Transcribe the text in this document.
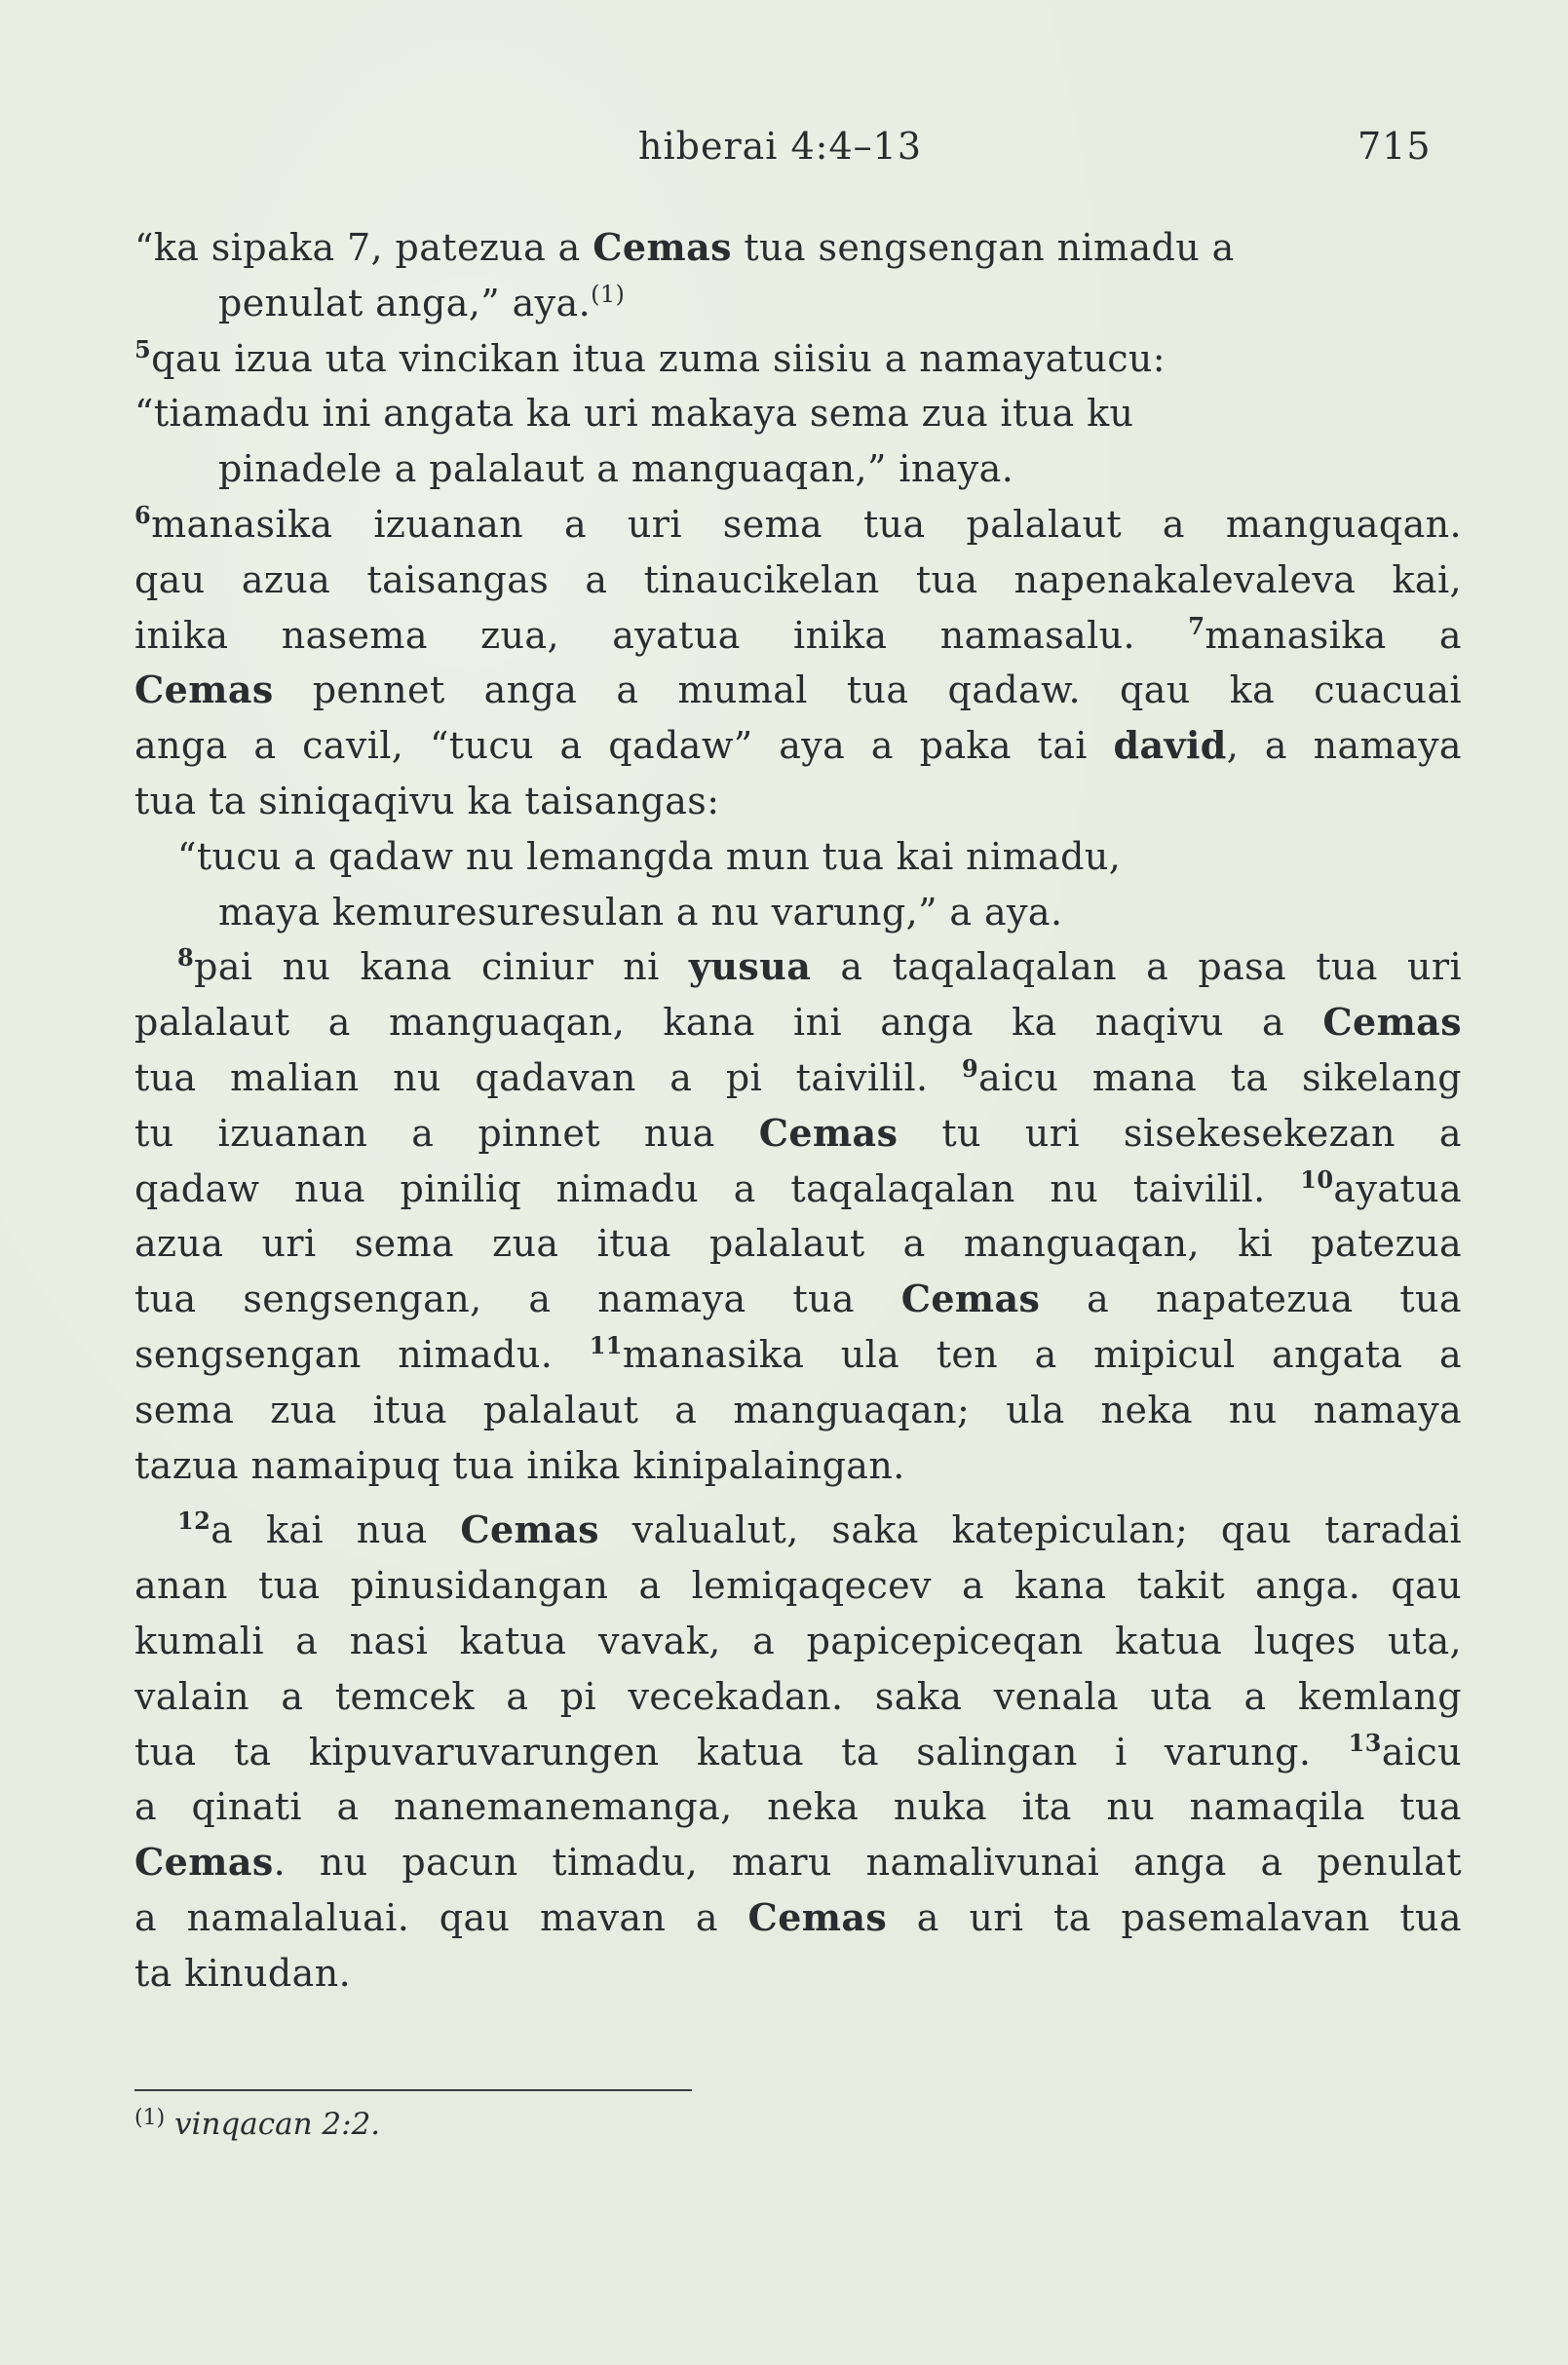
hiberai 4:4–13	715
“ka sipaka 7, patezua a Cemas tua sengsengan nimadu a
penulat anga,” aya.$^{(1)}$
$^5$qau izua uta vincikan itua zuma siisiu a namayatucu:
“tiamadu ini angata ka uri makaya sema zua itua ku
pinadele a palalaut a manguaqan,” inaya.
$^6$manasika izuanan a uri sema tua palalaut a manguaqan.
qau azua taisangas a tinaucikelan tua napenakalevaleva kai,
inika nasema zua, ayatua inika namasalu. $^7$manasika a
Cemas pennet anga a mumal tua qadaw. qau ka cuacuai
anga a cavil, “tucu a qadaw” aya a paka tai david, a namaya
tua ta siniqaqivu ka taisangas:
“tucu a qadaw nu lemangda mun tua kai nimadu,
maya kemuresuresulan a nu varung,” a aya.
$^8$pai nu kana ciniur ni yusua a taqalaqalan a pasa tua uri
palalaut a manguaqan, kana ini anga ka naqivu a Cemas
tua malian nu qadavan a pi taivilil. $^9$aicu mana ta sikelang
tu izuanan a pinnet nua Cemas tu uri sisekesekezan a
qadaw nua piniliq nimadu a taqalaqalan nu taivilil. $^{10}$ayatua
azua uri sema zua itua palalaut a manguaqan, ki patezua
tua sengsengan, a namaya tua Cemas a napatezua tua
sengsengan nimadu. $^{11}$manasika ula ten a mipicul angata a
sema zua itua palalaut a manguaqan; ula neka nu namaya
tazua namaipuq tua inika kinipalaingan.
$^{12}$a kai nua Cemas valualut, saka katepiculan; qau taradai
anan tua pinusidangan a lemiqaqecev a kana takit anga. qau
kumali a nasi katua vavak, a papicepiceqan katua luqes uta,
valain a temcek a pi vecekadan. saka venala uta a kemlang
tua ta kipuvaruvarungen katua ta salingan i varung. $^{13}$aicu
a qinati a nanemanemanga, neka nuka ita nu namaqila tua
Cemas. nu pacun timadu, maru namalivunai anga a penulat
a namalaluai. qau mavan a Cemas a uri ta pasemalavan tua
ta kinudan.
$^{(1)}$ vinqacan 2:2.
